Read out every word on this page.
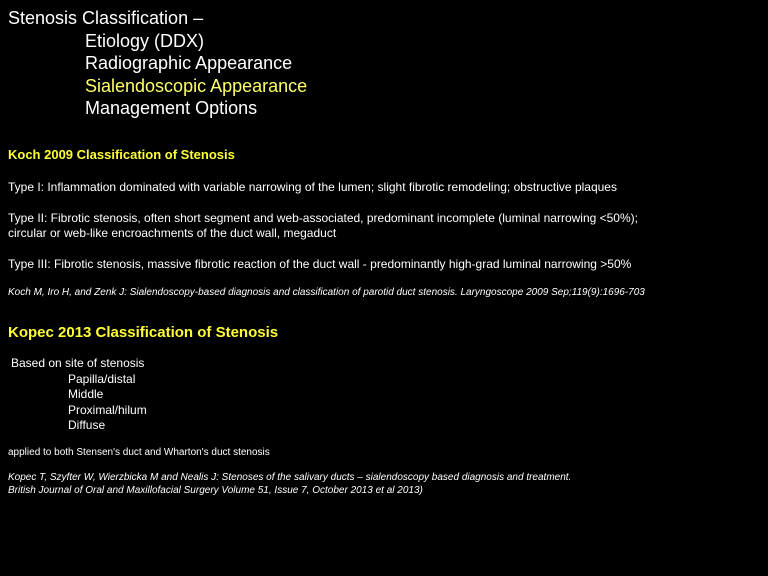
Stenosis Classification –
Etiology (DDX)
Radiographic Appearance
Sialendoscopic Appearance
Management Options
Koch 2009 Classification of Stenosis
Type I: Inflammation dominated with variable narrowing of the lumen; slight fibrotic remodeling; obstructive plaques
Type II: Fibrotic stenosis, often short segment and web-associated, predominant incomplete (luminal narrowing <50%);
circular or web-like encroachments of the duct wall, megaduct
Type III: Fibrotic stenosis, massive fibrotic reaction of the duct wall - predominantly high-grad luminal narrowing >50%
Koch M, Iro H, and Zenk J: Sialendoscopy-based diagnosis and classification of parotid duct stenosis. Laryngoscope 2009 Sep;119(9):1696-703
Kopec 2013 Classification of Stenosis
Based on site of stenosis
Papilla/distal
Middle
Proximal/hilum
Diffuse
applied to both Stensen's duct and Wharton's duct stenosis
Kopec T, Szyfter W, Wierzbicka M and Nealis J: Stenoses of the salivary ducts – sialendoscopy based diagnosis and treatment.
British Journal of Oral and Maxillofacial Surgery Volume 51, Issue 7, October 2013 et al 2013)
